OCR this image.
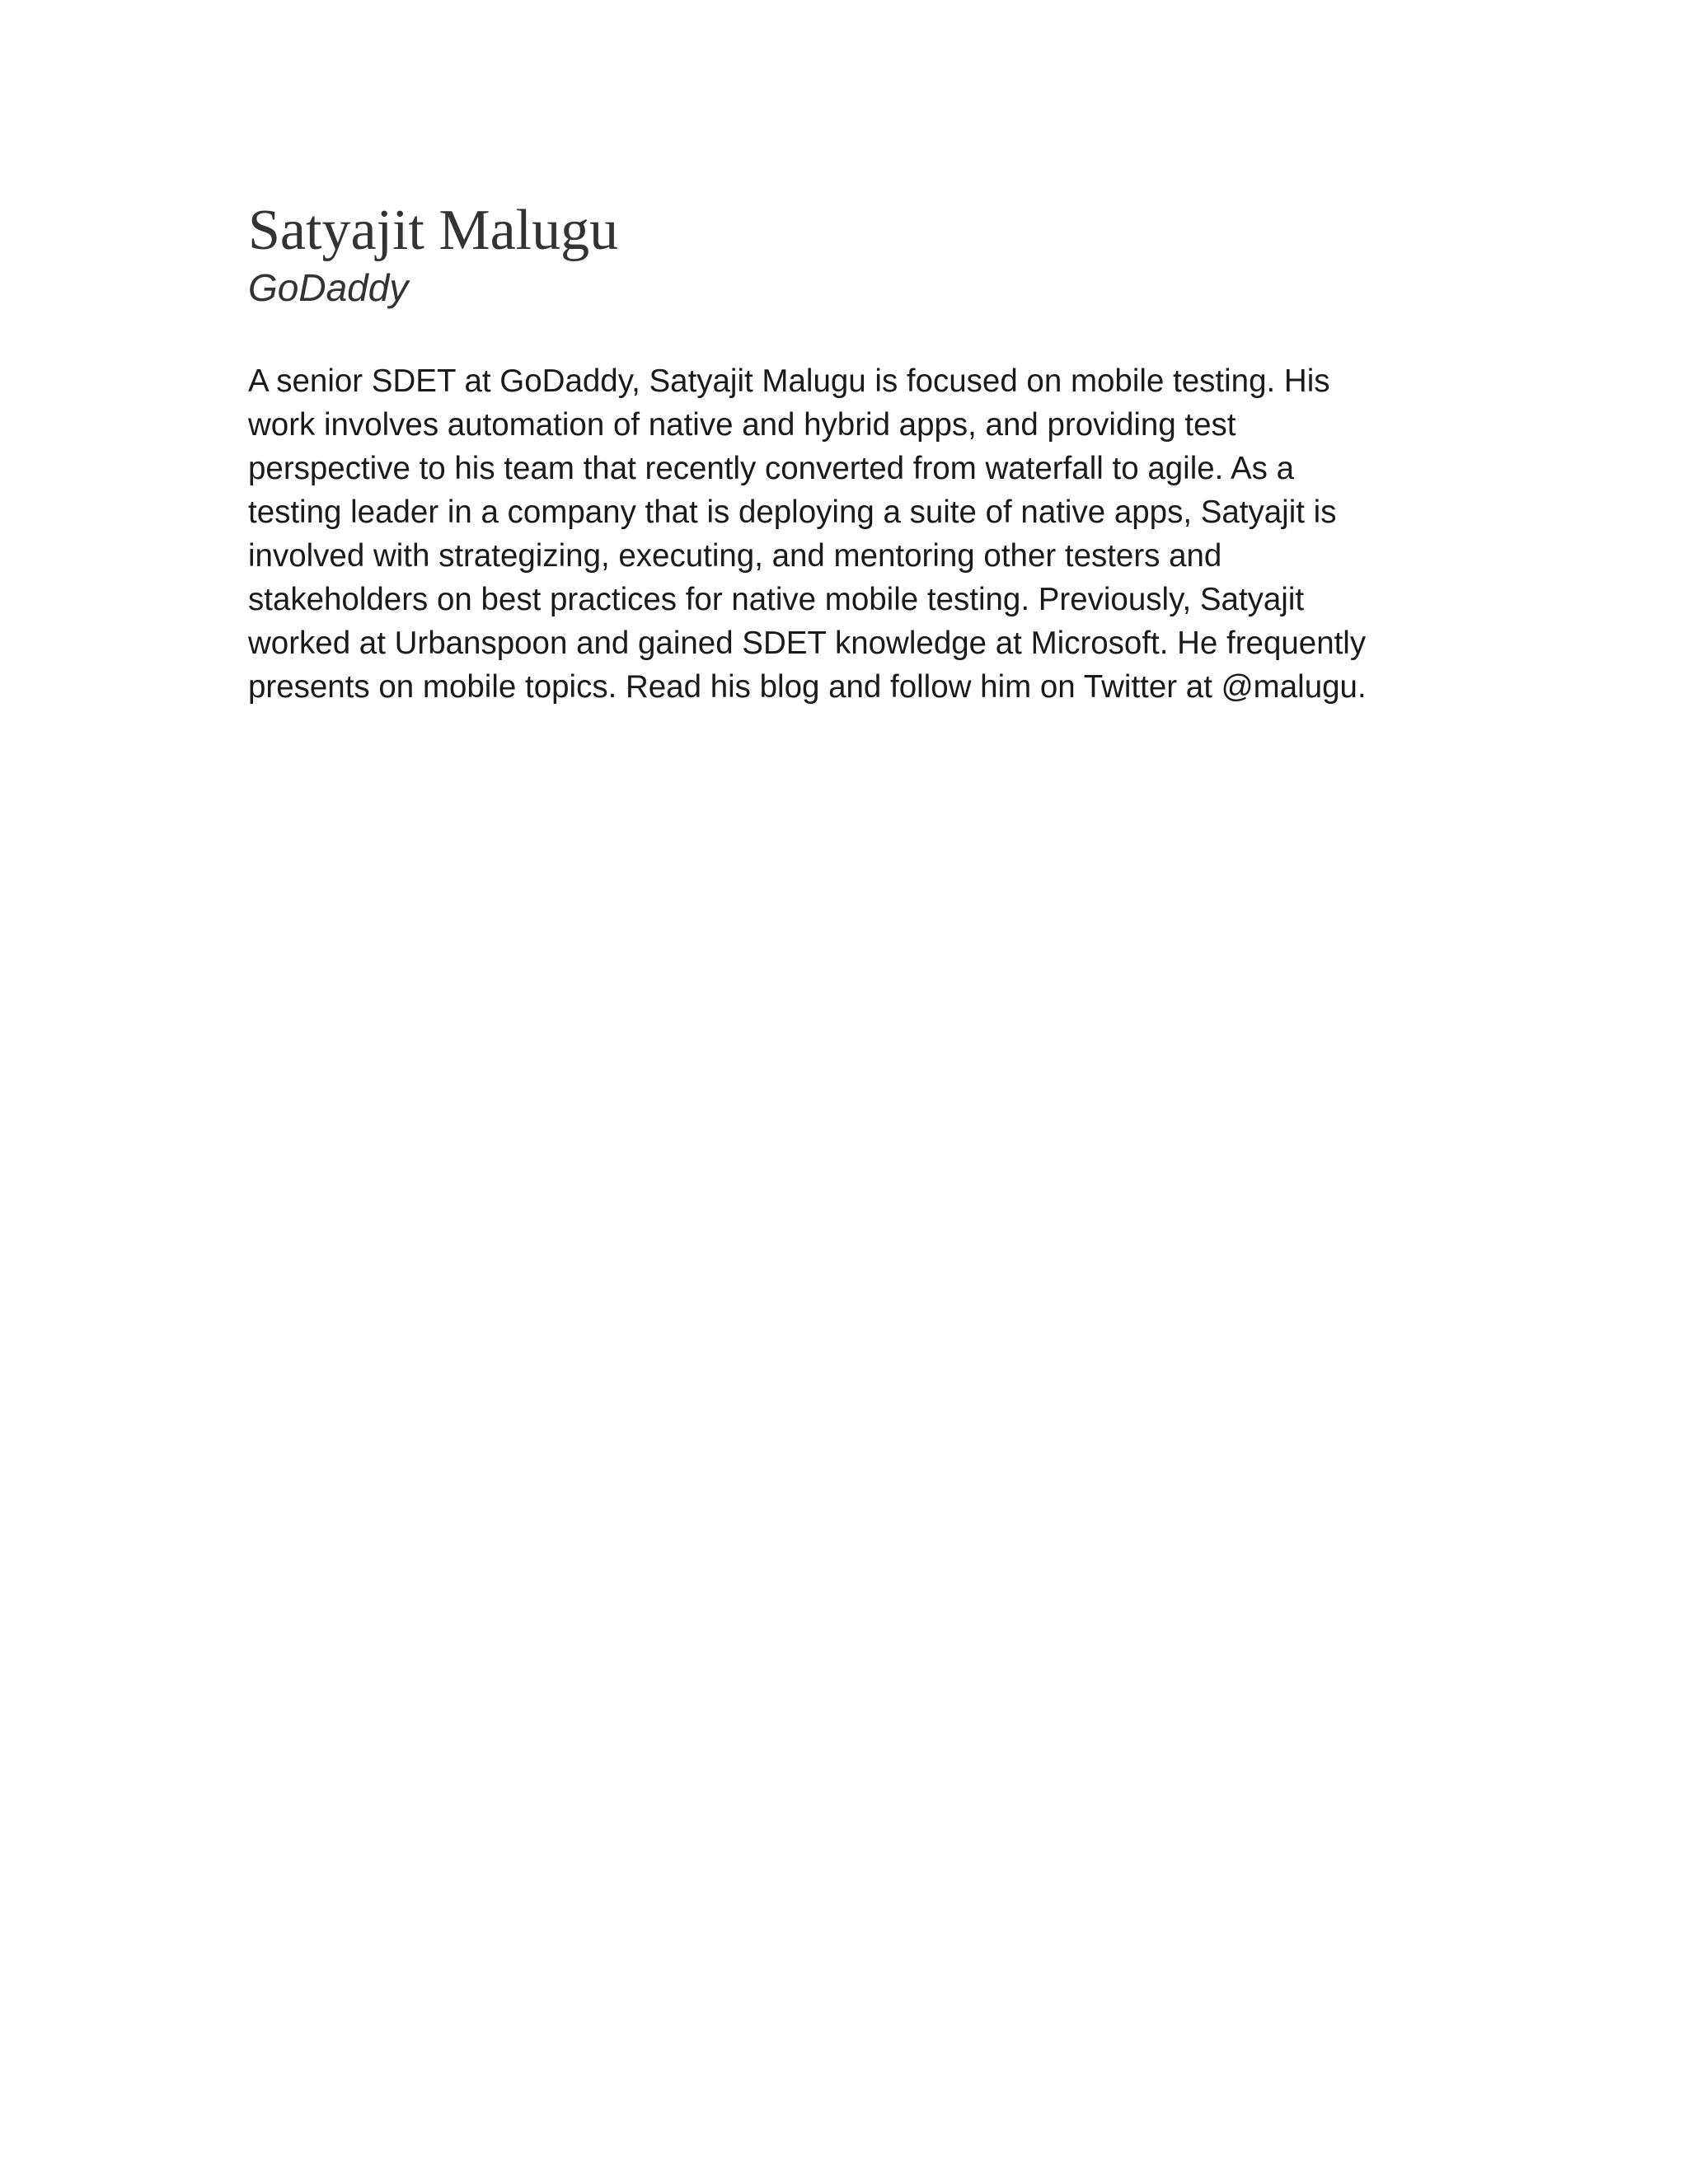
Satyajit Malugu
GoDaddy

A senior SDET at GoDaddy, Satyajit Malugu is focused on mobile testing. His
work involves automation of native and hybrid apps, and providing test
perspective to his team that recently converted from waterfall to agile. As a
testing leader in a company that is deploying a suite of native apps, Satyajit is
involved with strategizing, executing, and mentoring other testers and
stakeholders on best practices for native mobile testing. Previously, Satyajit
worked at Urbanspoon and gained SDET knowledge at Microsoft. He frequently
presents on mobile topics. Read his blog and follow him on Twitter at @malugu.
